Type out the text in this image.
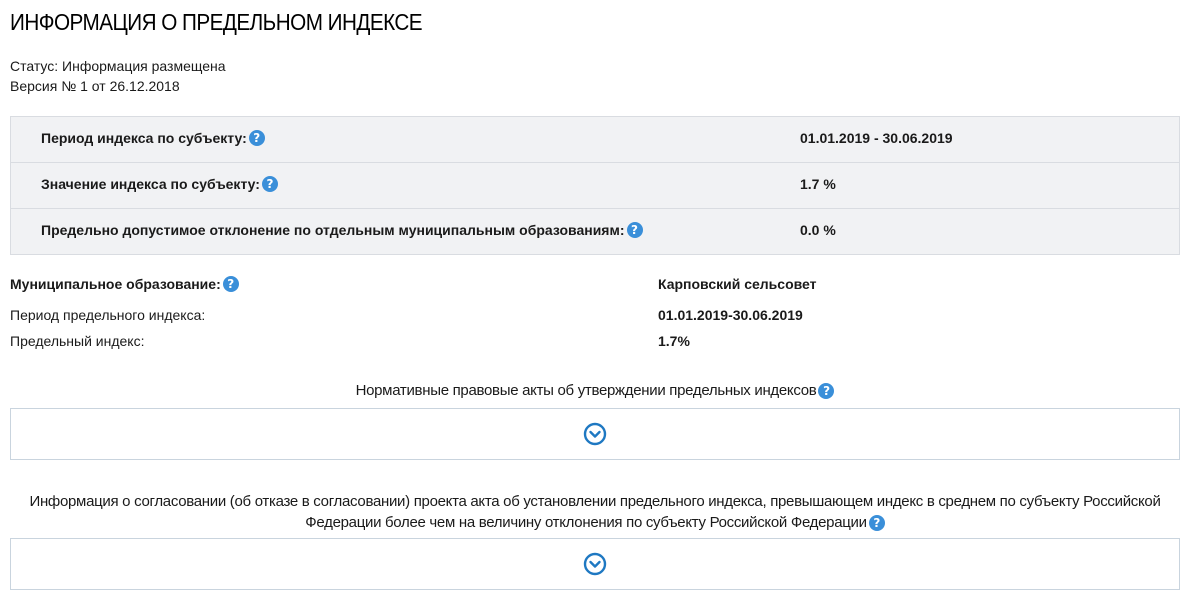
ИНФОРМАЦИЯ О ПРЕДЕЛЬНОМ ИНДЕКСЕ
Статус: Информация размещена
Версия № 1 от 26.12.2018
Период индекса по субъекту: ?	01.01.2019 - 30.06.2019
Значение индекса по субъекту: ?	1.7 %
Предельно допустимое отклонение по отдельным муниципальным образованиям: ?	0.0 %
Муниципальное образование: ?	Карповский сельсовет
Период предельного индекса:	01.01.2019-30.06.2019
Предельный индекс:	1.7%
Нормативные правовые акты об утверждении предельных индексов ?
Информация о согласовании (об отказе в согласовании) проекта акта об установлении предельного индекса, превышающем индекс в среднем по субъекту Российской
Федерации более чем на величину отклонения по субъекту Российской Федерации ?
